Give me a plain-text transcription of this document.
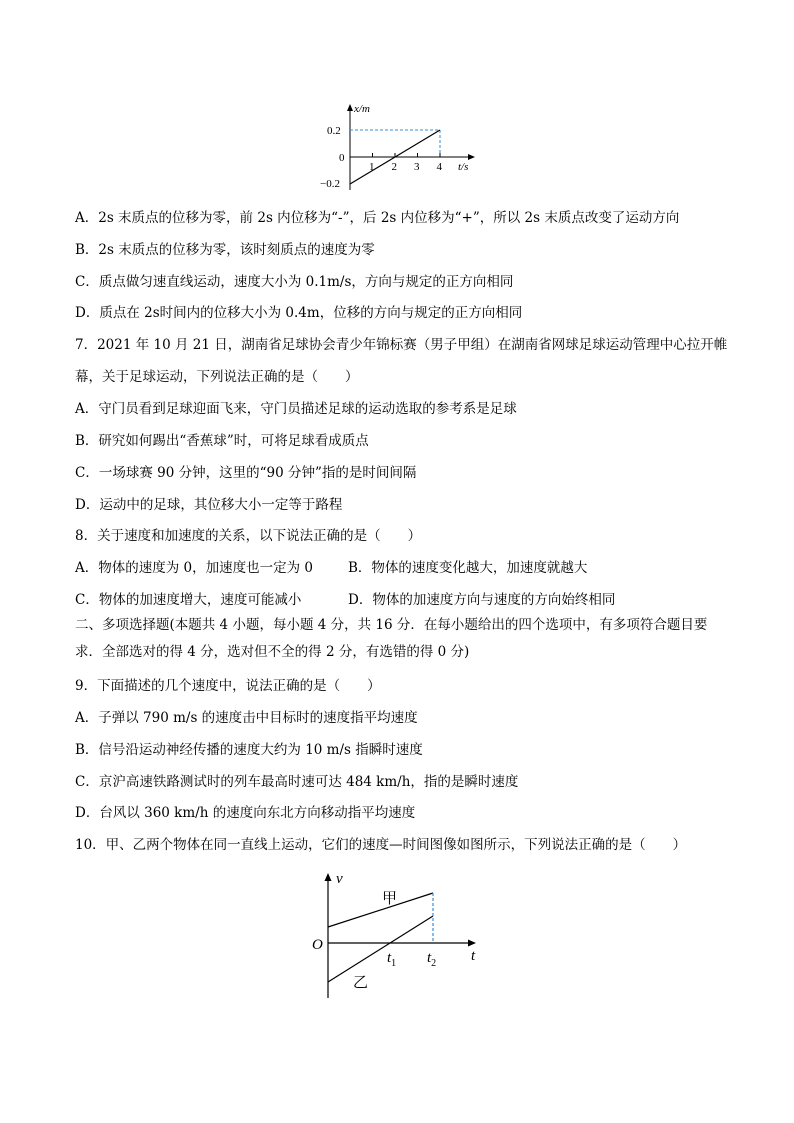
x/m
t/s
0.2
0
−0.2
1 2 3 4
A．2s 末质点的位移为零，前 2s 内位移为“-”，后 2s 内位移为“+”，所以 2s 末质点改变了运动方向
B．2s 末质点的位移为零，该时刻质点的速度为零
C．质点做匀速直线运动，速度大小为 0.1m/s，方向与规定的正方向相同
D．质点在 2s时间内的位移大小为 0.4m，位移的方向与规定的正方向相同
7．2021 年 10 月 21 日，湖南省足球协会青少年锦标赛（男子甲组）在湖南省网球足球运动管理中心拉开帷
幕，关于足球运动，下列说法正确的是（　　）
A．守门员看到足球迎面飞来，守门员描述足球的运动选取的参考系是足球
B．研究如何踢出“香蕉球”时，可将足球看成质点
C．一场球赛 90 分钟，这里的“90 分钟”指的是时间间隔
D．运动中的足球，其位移大小一定等于路程
8．关于速度和加速度的关系，以下说法正确的是（　　）
A．物体的速度为 0，加速度也一定为 0	B．物体的速度变化越大，加速度就越大
C．物体的加速度增大，速度可能减小	D．物体的加速度方向与速度的方向始终相同
二、多项选择题(本题共 4 小题，每小题 4 分，共 16 分．在每小题给出的四个选项中，有多项符合题目要
求．全部选对的得 4 分，选对但不全的得 2 分，有选错的得 0 分)
9．下面描述的几个速度中，说法正确的是（　　）
A．子弹以 790 m/s 的速度击中目标时的速度指平均速度
B．信号沿运动神经传播的速度大约为 10 m/s 指瞬时速度
C．京沪高速铁路测试时的列车最高时速可达 484 km/h，指的是瞬时速度
D．台风以 360 km/h 的速度向东北方向移动指平均速度
10．甲、乙两个物体在同一直线上运动，它们的速度—时间图像如图所示，下列说法正确的是（　　）
v
t
O
甲
乙
$t_1$ $t_2$
